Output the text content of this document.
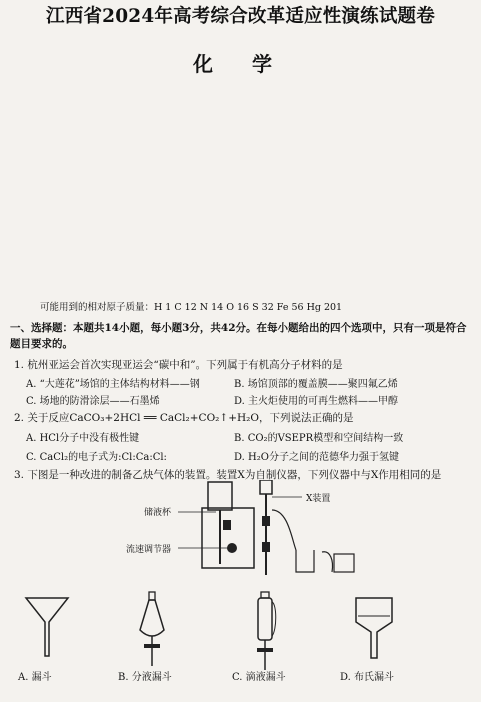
江西省2024年高考综合改革适应性演练试题卷
化 学
可能用到的相对原子质量：H 1 C 12 N 14 O 16 S 32 Fe 56 Hg 201
一、选择题：本题共14小题，每小题3分，共42分。在每小题给出的四个选项中，只有一项是符合题目要求的。
1. 杭州亚运会首次实现亚运会“碳中和”。下列属于有机高分子材料的是
A. “大莲花”场馆的主体结构材料——钢	B. 场馆顶部的覆盖膜——聚四氟乙烯
C. 场地的防滑涂层——石墨烯	D. 主火炬使用的可再生燃料——甲醇
2. 关于反应CaCO₃+2HCl ══ CaCl₂+CO₂↑+H₂O，下列说法正确的是
A. HCl分子中没有极性键	B. CO₂的VSEPR模型和空间结构一致
C. CaCl₂的电子式为:Cl:Ca:Cl:	D. H₂O分子之间的范德华力强于氢键
3. 下图是一种改进的制备乙炔气体的装置。装置X为自制仪器，下列仪器中与X作用相同的是
储液杯
流速调节器
X装置
A. 漏斗	B. 分液漏斗	C. 滴液漏斗	D. 布氏漏斗
